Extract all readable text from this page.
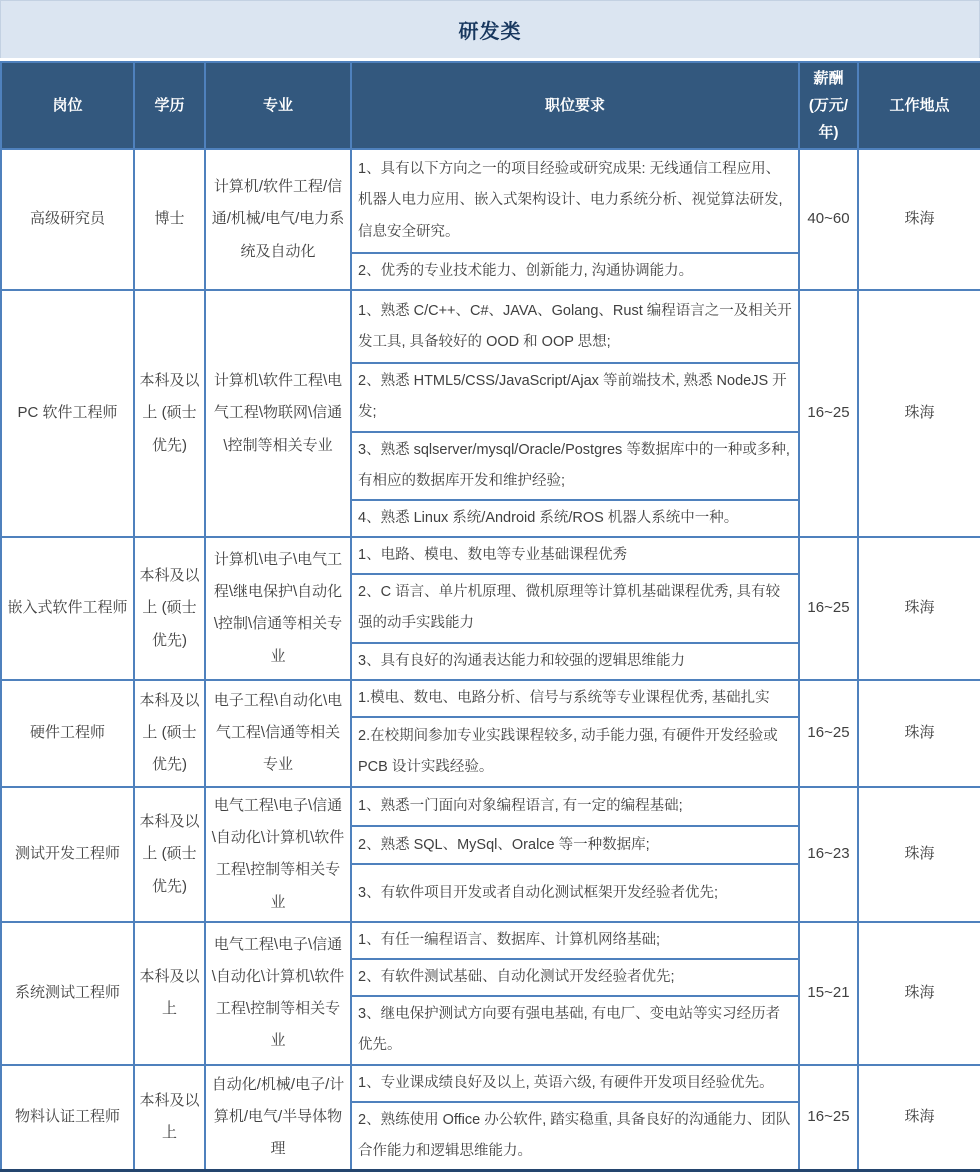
研发类
岗位	学历	专业	职位要求	薪酬 (万元/年)	工作地点
高级研究员	博士	计算机/软件工程/信通/机械/电气/电力系统及自动化	1、具有以下方向之一的项目经验或研究成果: 无线通信工程应用、机器人电力应用、嵌入式架构设计、电力系统分析、视觉算法研发, 信息安全研究。	40~60	珠海
			2、优秀的专业技术能力、创新能力, 沟通协调能力。		
PC 软件工程师	本科及以上 (硕士优先)	计算机\软件工程\电气工程\物联网\信通\控制等相关专业	1、熟悉 C/C++、C#、JAVA、Golang、Rust 编程语言之一及相关开发工具, 具备较好的 OOD 和 OOP 思想;	16~25	珠海
			2、熟悉 HTML5/CSS/JavaScript/Ajax 等前端技术, 熟悉 NodeJS 开发;		
			3、熟悉 sqlserver/mysql/Oracle/Postgres 等数据库中的一种或多种, 有相应的数据库开发和维护经验;		
			4、熟悉 Linux 系统/Android 系统/ROS 机器人系统中一种。		
嵌入式软件工程师	本科及以上 (硕士优先)	计算机\电子\电气工程\继电保护\自动化\控制\信通等相关专业	1、电路、模电、数电等专业基础课程优秀	16~25	珠海
			2、C 语言、单片机原理、微机原理等计算机基础课程优秀, 具有较强的动手实践能力		
			3、具有良好的沟通表达能力和较强的逻辑思维能力		
硬件工程师	本科及以上 (硕士优先)	电子工程\自动化\电气工程\信通等相关专业	1.模电、数电、电路分析、信号与系统等专业课程优秀, 基础扎实	16~25	珠海
			2.在校期间参加专业实践课程较多, 动手能力强, 有硬件开发经验或 PCB 设计实践经验。		
测试开发工程师	本科及以上 (硕士优先)	电气工程\电子\信通\自动化\计算机\软件工程\控制等相关专业	1、熟悉一门面向对象编程语言, 有一定的编程基础;	16~23	珠海
			2、熟悉 SQL、MySql、Oralce 等一种数据库;		
			3、有软件项目开发或者自动化测试框架开发经验者优先;		
系统测试工程师	本科及以上	电气工程\电子\信通\自动化\计算机\软件工程\控制等相关专业	1、有任一编程语言、数据库、计算机网络基础;	15~21	珠海
			2、有软件测试基础、自动化测试开发经验者优先;		
			3、继电保护测试方向要有强电基础, 有电厂、变电站等实习经历者优先。		
物料认证工程师	本科及以上	自动化/机械/电子/计算机/电气/半导体物理	1、专业课成绩良好及以上, 英语六级, 有硬件开发项目经验优先。	16~25	珠海
			2、熟练使用 Office 办公软件, 踏实稳重, 具备良好的沟通能力、团队合作能力和逻辑思维能力。		
